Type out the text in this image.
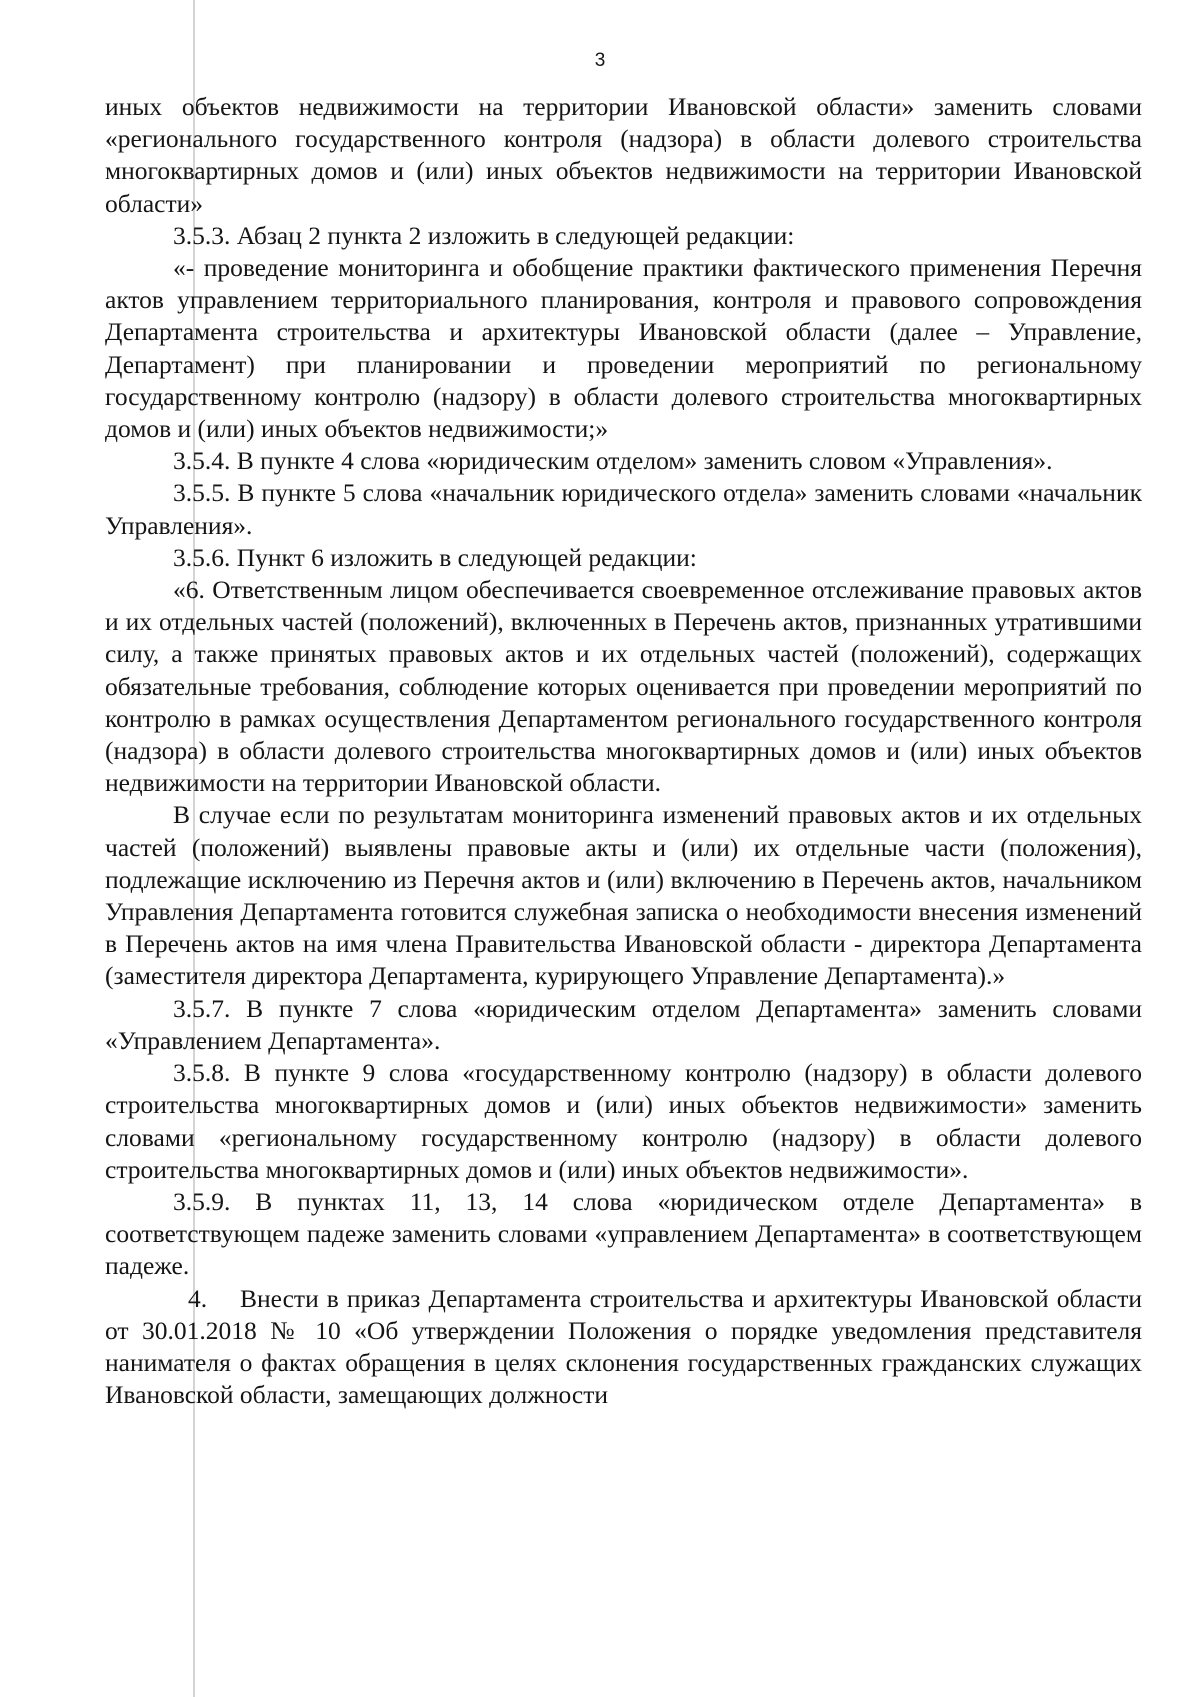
3

иных объектов недвижимости на территории Ивановской области» заменить словами «регионального государственного контроля (надзора) в области долевого строительства многоквартирных домов и (или) иных объектов недвижимости на территории Ивановской области»

3.5.3. Абзац 2 пункта 2 изложить в следующей редакции:

«- проведение мониторинга и обобщение практики фактического применения Перечня актов управлением территориального планирования, контроля и правового сопровождения Департамента строительства и архитектуры Ивановской области (далее – Управление, Департамент) при планировании и проведении мероприятий по региональному государственному контролю (надзору) в области долевого строительства многоквартирных домов и (или) иных объектов недвижимости;»

3.5.4. В пункте 4 слова «юридическим отделом» заменить словом «Управления».

3.5.5. В пункте 5 слова «начальник юридического отдела» заменить словами «начальник Управления».

3.5.6. Пункт 6 изложить в следующей редакции:

«6. Ответственным лицом обеспечивается своевременное отслеживание правовых актов и их отдельных частей (положений), включенных в Перечень актов, признанных утратившими силу, а также принятых правовых актов и их отдельных частей (положений), содержащих обязательные требования, соблюдение которых оценивается при проведении мероприятий по контролю в рамках осуществления Департаментом регионального государственного контроля (надзора) в области долевого строительства многоквартирных домов и (или) иных объектов недвижимости на территории Ивановской области.

В случае если по результатам мониторинга изменений правовых актов и их отдельных частей (положений) выявлены правовые акты и (или) их отдельные части (положения), подлежащие исключению из Перечня актов и (или) включению в Перечень актов, начальником Управления Департамента готовится служебная записка о необходимости внесения изменений в Перечень актов на имя члена Правительства Ивановской области - директора Департамента (заместителя директора Департамента, курирующего Управление Департамента).»

3.5.7. В пункте 7 слова «юридическим отделом Департамента» заменить словами «Управлением Департамента».

3.5.8. В пункте 9 слова «государственному контролю (надзору) в области долевого строительства многоквартирных домов и (или) иных объектов недвижимости» заменить словами «региональному государственному контролю (надзору) в области долевого строительства многоквартирных домов и (или) иных объектов недвижимости».

3.5.9. В пунктах 11, 13, 14 слова «юридическом отделе Департамента» в соответствующем падеже заменить словами «управлением Департамента» в соответствующем падеже.

4. Внести в приказ Департамента строительства и архитектуры Ивановской области от 30.01.2018 № 10 «Об утверждении Положения о порядке уведомления представителя нанимателя о фактах обращения в целях склонения государственных гражданских служащих Ивановской области, замещающих должности
